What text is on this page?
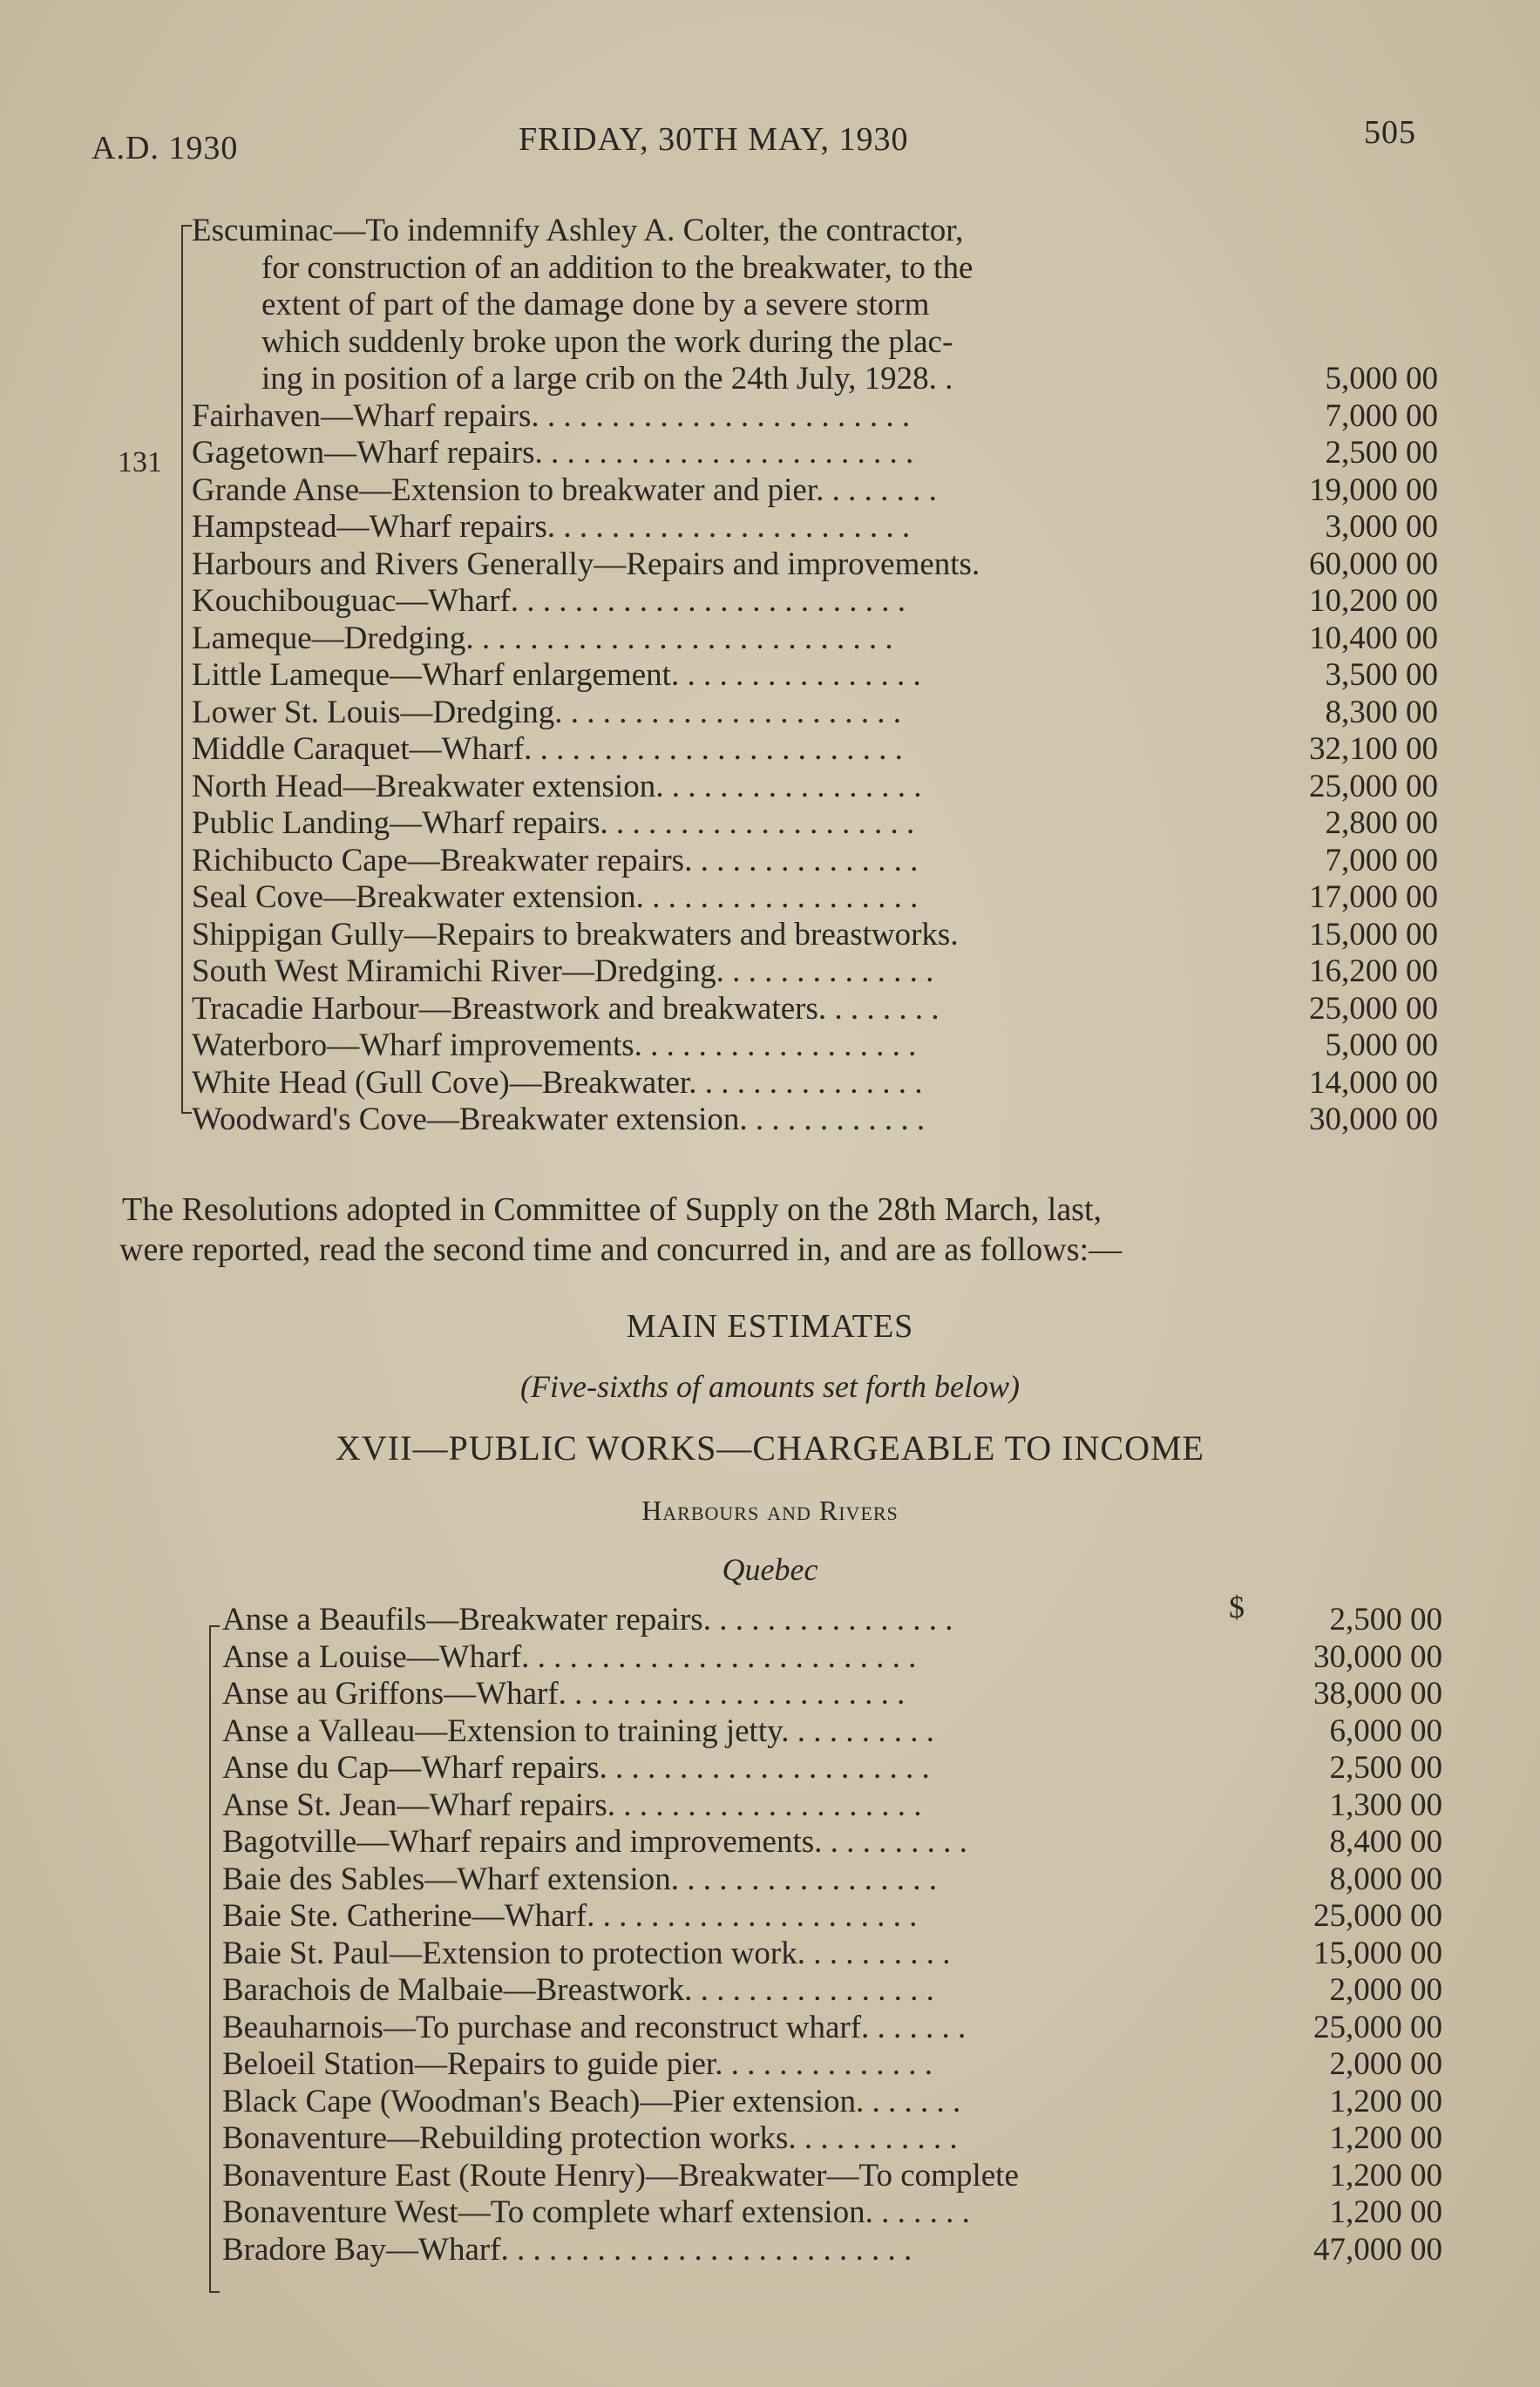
A.D. 1930	FRIDAY, 30TH MAY, 1930	505
131
Escuminac—To indemnify Ashley A. Colter, the contractor,
for construction of an addition to the breakwater, to the
extent of part of the damage done by a severe storm
which suddenly broke upon the work during the plac-
ing in position of a large crib on the 24th July, 1928. .	5,000 00
Fairhaven—Wharf repairs. . . . . . . . . . . . . . . . . . . . . . . .	7,000 00
Gagetown—Wharf repairs. . . . . . . . . . . . . . . . . . . . . . . .	2,500 00
Grande Anse—Extension to breakwater and pier. . . . . . . .	19,000 00
Hampstead—Wharf repairs. . . . . . . . . . . . . . . . . . . . . . .	3,000 00
Harbours and Rivers Generally—Repairs and improvements.	60,000 00
Kouchibouguac—Wharf. . . . . . . . . . . . . . . . . . . . . . . . .	10,200 00
Lameque—Dredging. . . . . . . . . . . . . . . . . . . . . . . . . . .	10,400 00
Little Lameque—Wharf enlargement. . . . . . . . . . . . . . . .	3,500 00
Lower St. Louis—Dredging. . . . . . . . . . . . . . . . . . . . . .	8,300 00
Middle Caraquet—Wharf. . . . . . . . . . . . . . . . . . . . . . . .	32,100 00
North Head—Breakwater extension. . . . . . . . . . . . . . . . .	25,000 00
Public Landing—Wharf repairs. . . . . . . . . . . . . . . . . . . .	2,800 00
Richibucto Cape—Breakwater repairs. . . . . . . . . . . . . . .	7,000 00
Seal Cove—Breakwater extension. . . . . . . . . . . . . . . . . .	17,000 00
Shippigan Gully—Repairs to breakwaters and breastworks.	15,000 00
South West Miramichi River—Dredging. . . . . . . . . . . . . .	16,200 00
Tracadie Harbour—Breastwork and breakwaters. . . . . . . .	25,000 00
Waterboro—Wharf improvements. . . . . . . . . . . . . . . . . .	5,000 00
White Head (Gull Cove)—Breakwater. . . . . . . . . . . . . . .	14,000 00
Woodward's Cove—Breakwater extension. . . . . . . . . . . .	30,000 00
The Resolutions adopted in Committee of Supply on the 28th March, last,
were reported, read the second time and concurred in, and are as follows:—
MAIN ESTIMATES
(Five-sixths of amounts set forth below)
XVII—PUBLIC WORKS—CHARGEABLE TO INCOME
Harbours and Rivers
Quebec
$
Anse a Beaufils—Breakwater repairs. . . . . . . . . . . . . . . .	2,500 00
Anse a Louise—Wharf. . . . . . . . . . . . . . . . . . . . . . . . .	30,000 00
Anse au Griffons—Wharf. . . . . . . . . . . . . . . . . . . . . .	38,000 00
Anse a Valleau—Extension to training jetty. . . . . . . . . .	6,000 00
Anse du Cap—Wharf repairs. . . . . . . . . . . . . . . . . . . . .	2,500 00
Anse St. Jean—Wharf repairs. . . . . . . . . . . . . . . . . . . .	1,300 00
Bagotville—Wharf repairs and improvements. . . . . . . . . .	8,400 00
Baie des Sables—Wharf extension. . . . . . . . . . . . . . . . .	8,000 00
Baie Ste. Catherine—Wharf. . . . . . . . . . . . . . . . . . . . .	25,000 00
Baie St. Paul—Extension to protection work. . . . . . . . . .	15,000 00
Barachois de Malbaie—Breastwork. . . . . . . . . . . . . . . .	2,000 00
Beauharnois—To purchase and reconstruct wharf. . . . . . .	25,000 00
Beloeil Station—Repairs to guide pier. . . . . . . . . . . . . .	2,000 00
Black Cape (Woodman's Beach)—Pier extension. . . . . . .	1,200 00
Bonaventure—Rebuilding protection works. . . . . . . . . . .	1,200 00
Bonaventure East (Route Henry)—Breakwater—To complete	1,200 00
Bonaventure West—To complete wharf extension. . . . . . .	1,200 00
Bradore Bay—Wharf. . . . . . . . . . . . . . . . . . . . . . . . . .	47,000 00
